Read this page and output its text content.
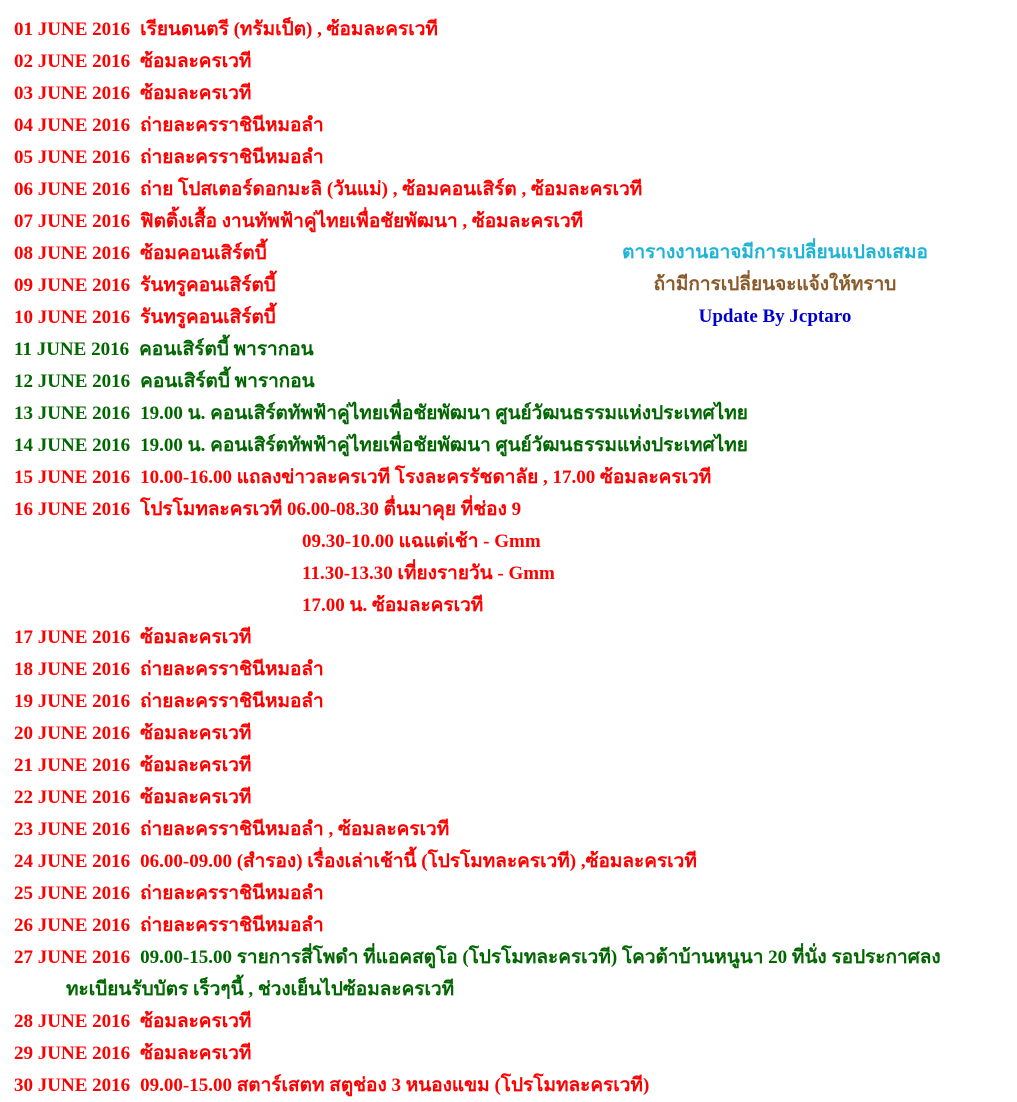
01 JUNE 2016 เรียนดนตรี (ทรัมเป็ต) , ซ้อมละครเวที
02 JUNE 2016 ซ้อมละครเวที
03 JUNE 2016 ซ้อมละครเวที
04 JUNE 2016 ถ่ายละครราชินีหมอลำ
05 JUNE 2016 ถ่ายละครราชินีหมอลำ
06 JUNE 2016 ถ่าย โปสเตอร์ดอกมะลิ (วันแม่) , ซ้อมคอนเสิร์ต , ซ้อมละครเวที
07 JUNE 2016 ฟิตติ้งเสื้อ งานทัพฟ้าคู่ไทยเพื่อชัยพัฒนา , ซ้อมละครเวที
08 JUNE 2016 ซ้อมคอนเสิร์ตบี้
09 JUNE 2016 รันทรูคอนเสิร์ตบี้
10 JUNE 2016 รันทรูคอนเสิร์ตบี้
11 JUNE 2016 คอนเสิร์ตบี้ พารากอน
12 JUNE 2016 คอนเสิร์ตบี้ พารากอน
13 JUNE 2016 19.00 น. คอนเสิร์ตทัพฟ้าคู่ไทยเพื่อชัยพัฒนา ศูนย์วัฒนธรรมแห่งประเทศไทย
14 JUNE 2016 19.00 น. คอนเสิร์ตทัพฟ้าคู่ไทยเพื่อชัยพัฒนา ศูนย์วัฒนธรรมแห่งประเทศไทย
15 JUNE 2016 10.00-16.00 แถลงข่าวละครเวที โรงละครรัชดาลัย , 17.00 ซ้อมละครเวที
16 JUNE 2016 โปรโมทละครเวที 06.00-08.30 ตื่นมาคุย ที่ช่อง 9
09.30-10.00 แฉแต่เช้า - Gmm
11.30-13.30 เที่ยงรายวัน - Gmm
17.00 น. ซ้อมละครเวที
17 JUNE 2016 ซ้อมละครเวที
18 JUNE 2016 ถ่ายละครราชินีหมอลำ
19 JUNE 2016 ถ่ายละครราชินีหมอลำ
20 JUNE 2016 ซ้อมละครเวที
21 JUNE 2016 ซ้อมละครเวที
22 JUNE 2016 ซ้อมละครเวที
23 JUNE 2016 ถ่ายละครราชินีหมอลำ , ซ้อมละครเวที
24 JUNE 2016 06.00-09.00 (สำรอง) เรื่องเล่าเช้านี้ (โปรโมทละครเวที) ,ซ้อมละครเวที
25 JUNE 2016 ถ่ายละครราชินีหมอลำ
26 JUNE 2016 ถ่ายละครราชินีหมอลำ
27 JUNE 2016 09.00-15.00 รายการสี่โพดำ ที่แอคสตูโอ (โปรโมทละครเวที) โควต้าบ้านหนูนา 20 ที่นั่ง รอประกาศลง
ทะเบียนรับบัตร เร็วๆนี้ , ช่วงเย็นไปซ้อมละครเวที
28 JUNE 2016 ซ้อมละครเวที
29 JUNE 2016 ซ้อมละครเวที
30 JUNE 2016 09.00-15.00 สตาร์เสตท สตูช่อง 3 หนองแขม (โปรโมทละครเวที)
ตารางงานอาจมีการเปลี่ยนแปลงเสมอ
ถ้ามีการเปลี่ยนจะแจ้งให้ทราบ
Update By Jcptaro
